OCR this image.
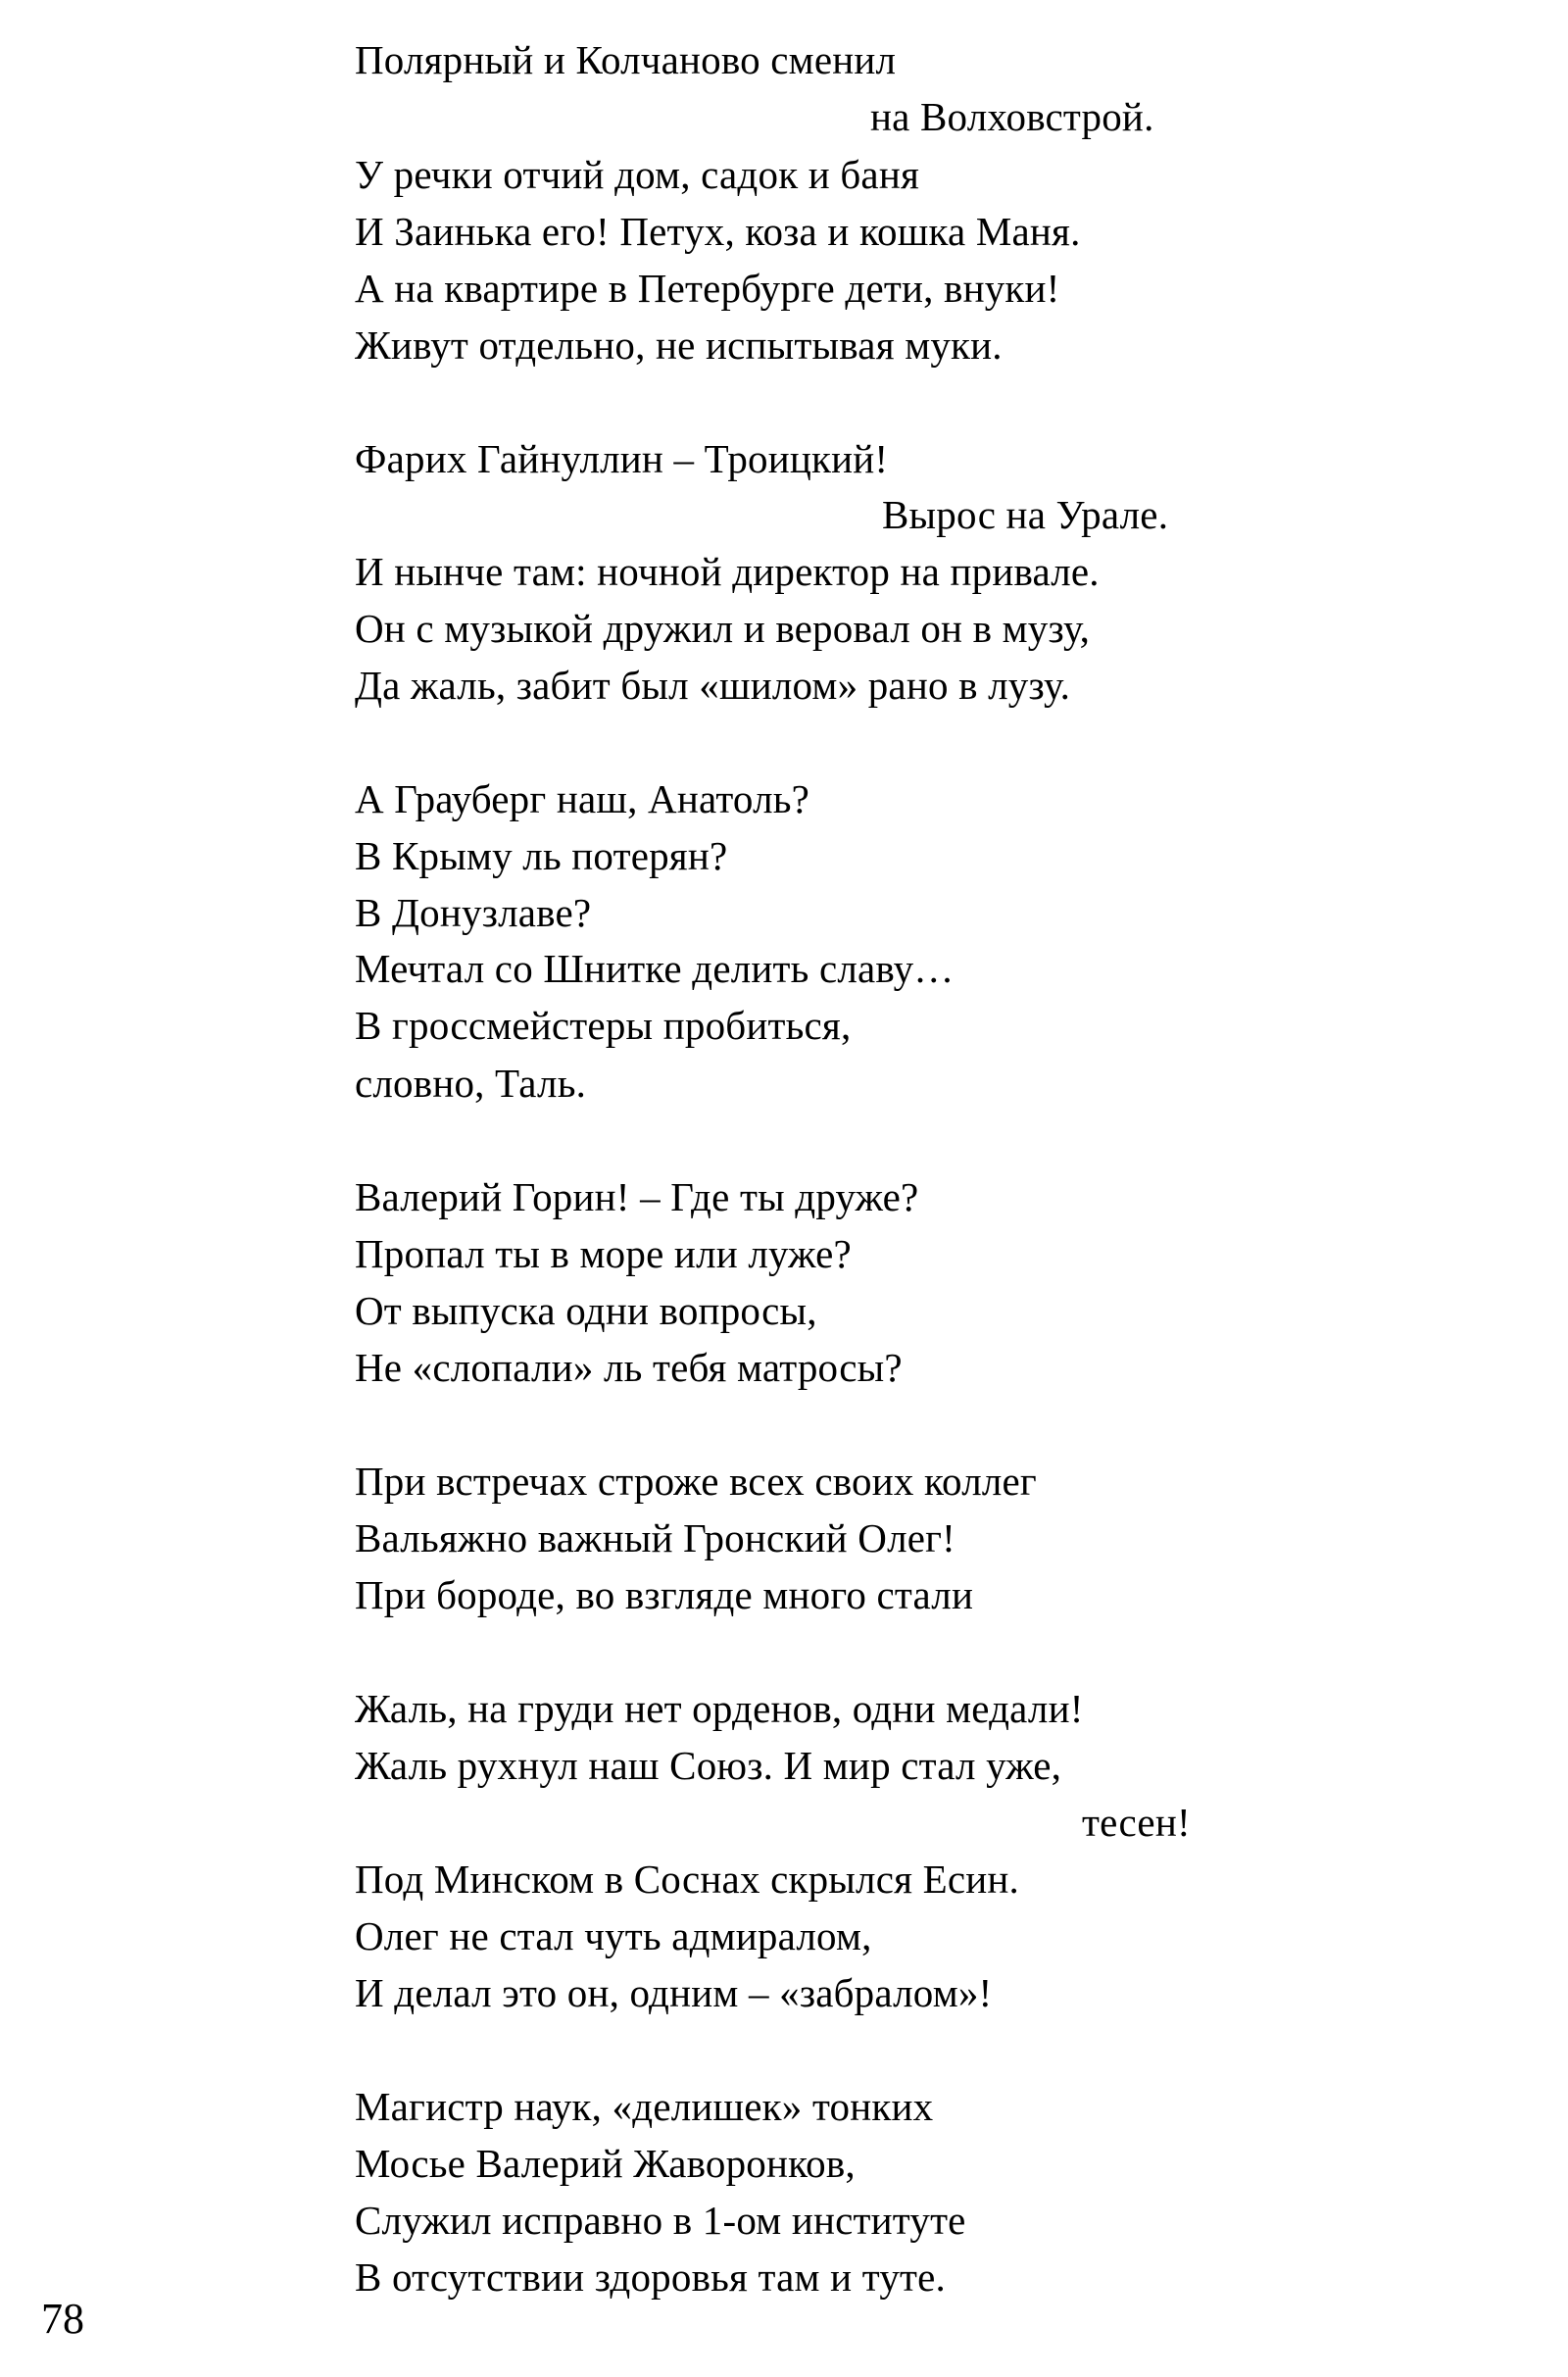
Полярный и Колчаново сменил
на Волховстрой.
У речки отчий дом, садок и баня
И Заинька его! Петух, коза и кошка Маня.
А на квартире в Петербурге дети, внуки!
Живут отдельно, не испытывая муки.
Фарих Гайнуллин – Троицкий!
Вырос на Урале.
И нынче там: ночной директор на привале.
Он с музыкой дружил и веровал он в музу,
Да жаль, забит был «шилом» рано в лузу.
А Грауберг наш, Анатоль?
В Крыму ль потерян?
В Донузлаве?
Мечтал со Шнитке делить славу…
В гроссмейстеры пробиться,
словно, Таль.
Валерий Горин! – Где ты друже?
Пропал ты в море или луже?
От выпуска одни вопросы,
Не «слопали» ль тебя матросы?
При встречах строже всех своих коллег
Вальяжно важный Гронский Олег!
При бороде, во взгляде много стали
Жаль, на груди нет орденов, одни медали!
Жаль рухнул наш Союз. И мир стал уже,
тесен!
Под Минском в Соснах скрылся Есин.
Олег не стал чуть адмиралом,
И делал это он, одним – «забралом»!
Магистр наук, «делишек» тонких
Мосье Валерий Жаворонков,
Служил исправно в 1-ом институте
В отсутствии здоровья там и туте.
78
